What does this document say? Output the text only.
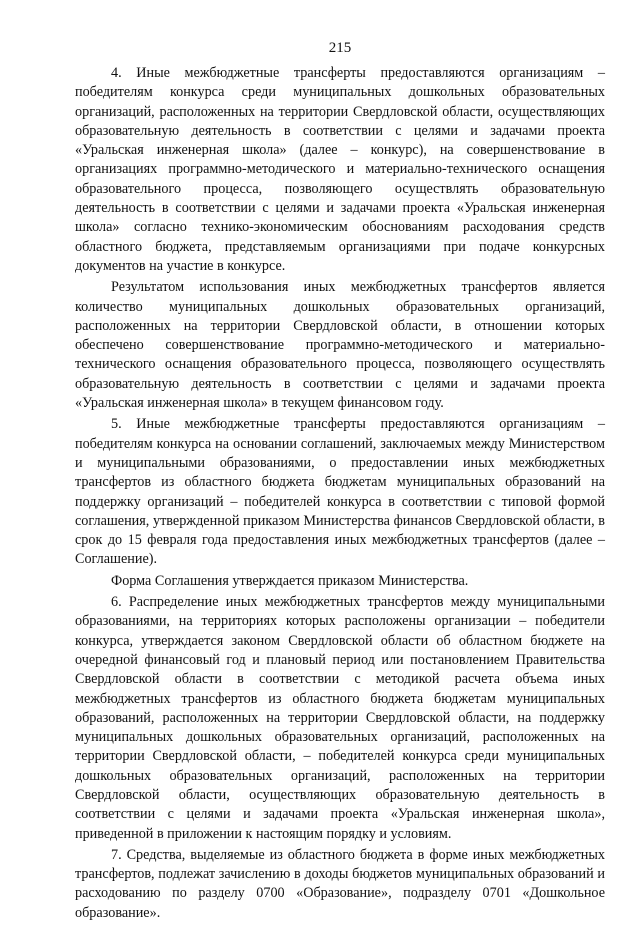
215

4. Иные межбюджетные трансферты предоставляются организациям – победителям конкурса среди муниципальных дошкольных образовательных организаций, расположенных на территории Свердловской области, осуществляющих образовательную деятельность в соответствии с целями и задачами проекта «Уральская инженерная школа» (далее – конкурс), на совершенствование в организациях программно-методического и материально-технического оснащения образовательного процесса, позволяющего осуществлять образовательную деятельность в соответствии с целями и задачами проекта «Уральская инженерная школа» согласно технико-экономическим обоснованиям расходования средств областного бюджета, представляемым организациями при подаче конкурсных документов на участие в конкурсе.

Результатом использования иных межбюджетных трансфертов является количество муниципальных дошкольных образовательных организаций, расположенных на территории Свердловской области, в отношении которых обеспечено совершенствование программно-методического и материально-технического оснащения образовательного процесса, позволяющего осуществлять образовательную деятельность в соответствии с целями и задачами проекта «Уральская инженерная школа» в текущем финансовом году.

5. Иные межбюджетные трансферты предоставляются организациям – победителям конкурса на основании соглашений, заключаемых между Министерством и муниципальными образованиями, о предоставлении иных межбюджетных трансфертов из областного бюджета бюджетам муниципальных образований на поддержку организаций – победителей конкурса в соответствии с типовой формой соглашения, утвержденной приказом Министерства финансов Свердловской области, в срок до 15 февраля года предоставления иных межбюджетных трансфертов (далее – Соглашение).

Форма Соглашения утверждается приказом Министерства.

6. Распределение иных межбюджетных трансфертов между муниципальными образованиями, на территориях которых расположены организации – победители конкурса, утверждается законом Свердловской области об областном бюджете на очередной финансовый год и плановый период или постановлением Правительства Свердловской области в соответствии с методикой расчета объема иных межбюджетных трансфертов из областного бюджета бюджетам муниципальных образований, расположенных на территории Свердловской области, на поддержку муниципальных дошкольных образовательных организаций, расположенных на территории Свердловской области, – победителей конкурса среди муниципальных дошкольных образовательных организаций, расположенных на территории Свердловской области, осуществляющих образовательную деятельность в соответствии с целями и задачами проекта «Уральская инженерная школа», приведенной в приложении к настоящим порядку и условиям.

7. Средства, выделяемые из областного бюджета в форме иных межбюджетных трансфертов, подлежат зачислению в доходы бюджетов муниципальных образований и расходованию по разделу 0700 «Образование», подразделу 0701 «Дошкольное образование».
